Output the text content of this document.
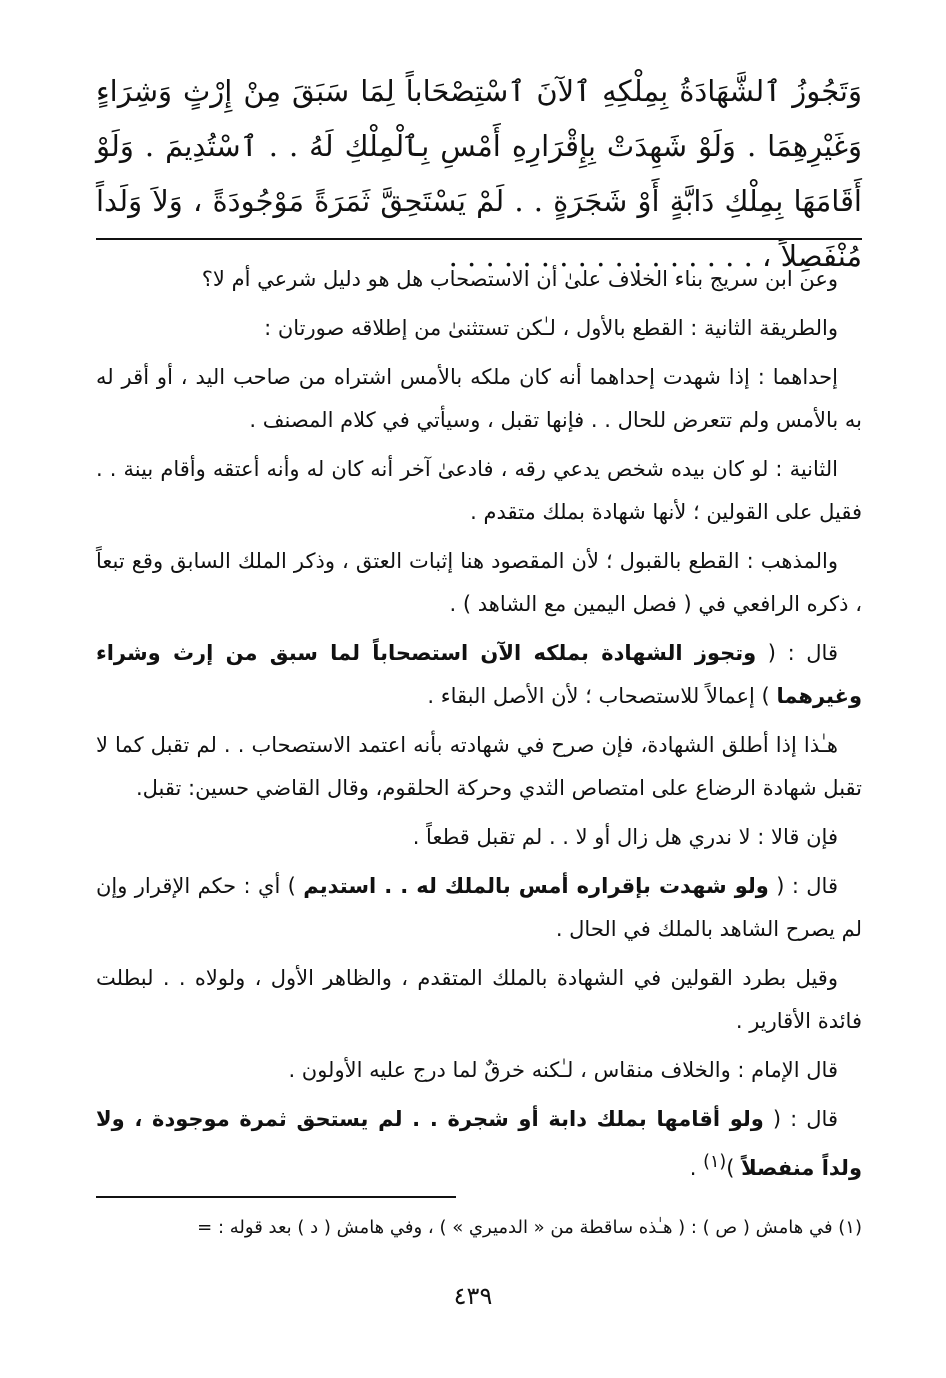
وَتَجُوزُ ٱلشَّهَادَةُ بِمِلْكِهِ ٱلآنَ ٱسْتِصْحَاباً لِمَا سَبَقَ مِنْ إِرْثٍ وَشِرَاءٍ وَغَيْرِهِمَا . وَلَوْ شَهِدَتْ بِإِقْرَارِهِ أَمْسِ بِٱلْمِلْكِ لَهُ . . ٱسْتُدِيمَ . وَلَوْ أَقَامَهَا بِمِلْكِ دَابَّةٍ أَوْ شَجَرَةٍ . . لَمْ يَسْتَحِقَّ ثَمَرَةً مَوْجُودَةً ، وَلاَ وَلَداً مُنْفَصِلاً ، . . . . . . . . . . . . . . . . .

وعن ابن سريج بناء الخلاف علىٰ أن الاستصحاب هل هو دليل شرعي أم لا؟

والطريقة الثانية : القطع بالأول ، لـٰكن تستثنىٰ من إطلاقه صورتان :

إحداهما : إذا شهدت إحداهما أنه كان ملكه بالأمس اشتراه من صاحب اليد ، أو أقر له به بالأمس ولم تتعرض للحال . . فإنها تقبل ، وسيأتي في كلام المصنف .

الثانية : لو كان بيده شخص يدعي رقه ، فادعىٰ آخر أنه كان له وأنه أعتقه وأقام بينة . . فقيل على القولين ؛ لأنها شهادة بملك متقدم .

والمذهب : القطع بالقبول ؛ لأن المقصود هنا إثبات العتق ، وذكر الملك السابق وقع تبعاً ، ذكره الرافعي في ( فصل اليمين مع الشاهد ) .

قال : ( وتجوز الشهادة بملكه الآن استصحاباً لما سبق من إرث وشراء وغيرهما ) إعمالاً للاستصحاب ؛ لأن الأصل البقاء .

هـٰذا إذا أطلق الشهادة، فإن صرح في شهادته بأنه اعتمد الاستصحاب . . لم تقبل كما لا تقبل شهادة الرضاع على امتصاص الثدي وحركة الحلقوم، وقال القاضي حسين: تقبل.

فإن قالا : لا ندري هل زال أو لا . . لم تقبل قطعاً .

قال : ( ولو شهدت بإقراره أمس بالملك له . . استديم ) أي : حكم الإقرار وإن لم يصرح الشاهد بالملك في الحال .

وقيل بطرد القولين في الشهادة بالملك المتقدم ، والظاهر الأول ، ولولاه . . لبطلت فائدة الأقارير .

قال الإمام : والخلاف منقاس ، لـٰكنه خرقٌ لما درج عليه الأولون .

قال : ( ولو أقامها بملك دابة أو شجرة . . لم يستحق ثمرة موجودة ، ولا ولداً منفصلاً )$^{(١)}$ .

(١) في هامش ( ص ) : ( هـٰذه ساقطة من « الدميري » ) ، وفي هامش ( د ) بعد قوله : =
٤٣٩
